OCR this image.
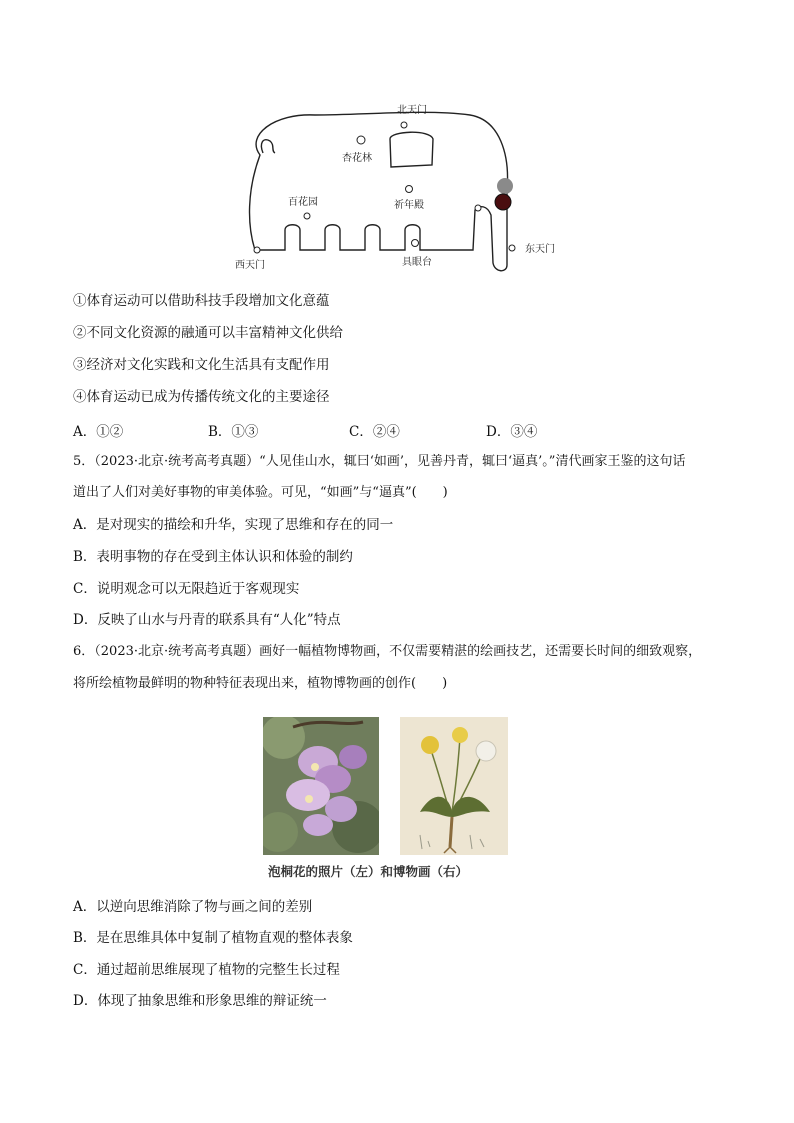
北天门
杏花林
百花园	祈年殿
西天门
东天门
具眼台
①体育运动可以借助科技手段增加文化意蕴
②不同文化资源的融通可以丰富精神文化供给
③经济对文化实践和文化生活具有支配作用
④体育运动已成为传播传统文化的主要途径
A．①②	B．①③	C．②④	D．③④
5．（2023·北京·统考高考真题）“人见佳山水，辄曰‘如画’，见善丹青，辄曰‘逼真’。”清代画家王鉴的这句话
道出了人们对美好事物的审美体验。可见，“如画”与“逼真”(　　)
A．是对现实的描绘和升华，实现了思维和存在的同一
B．表明事物的存在受到主体认识和体验的制约
C．说明观念可以无限趋近于客观现实
D．反映了山水与丹青的联系具有“人化”特点
6．（2023·北京·统考高考真题）画好一幅植物博物画，不仅需要精湛的绘画技艺，还需要长时间的细致观察，
将所绘植物最鲜明的物种特征表现出来，植物博物画的创作(　　)
泡桐花的照片（左）和博物画（右）
A．以逆向思维消除了物与画之间的差别
B．是在思维具体中复制了植物直观的整体表象
C．通过超前思维展现了植物的完整生长过程
D．体现了抽象思维和形象思维的辩证统一
